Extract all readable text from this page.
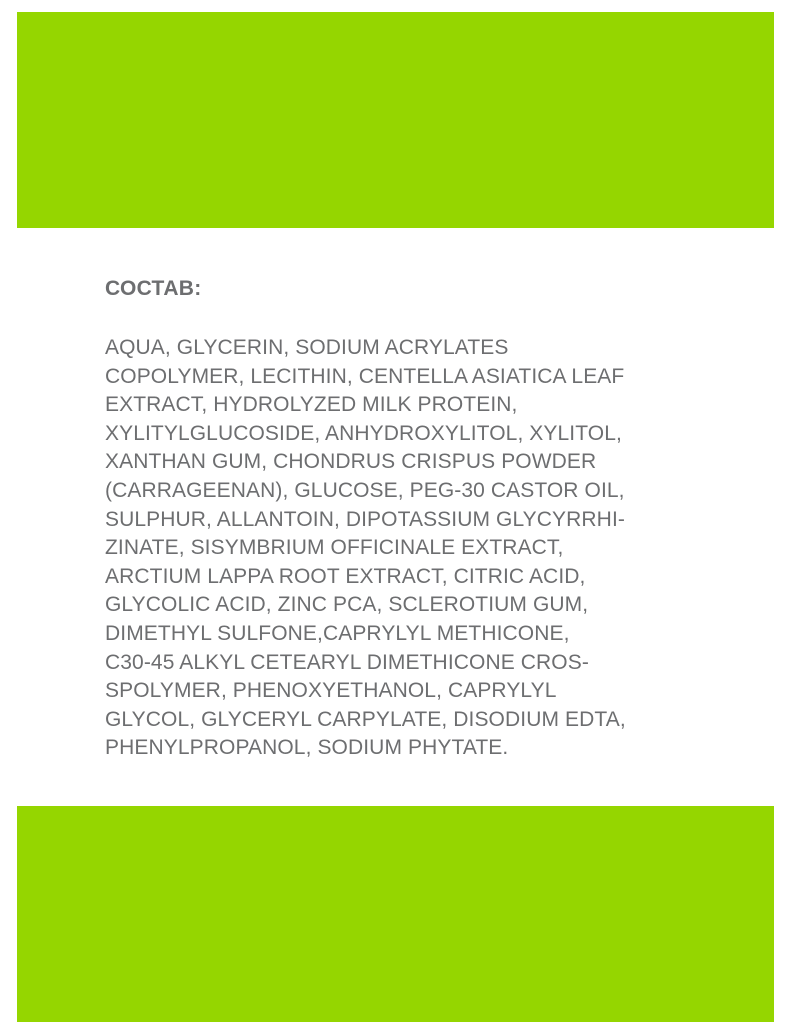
СОСТАВ:
AQUA, GLYCERIN, SODIUM ACRYLATES
COPOLYMER, LECITHIN, CENTELLA ASIATICA LEAF
EXTRACT, HYDROLYZED MILK PROTEIN,
XYLITYLGLUCOSIDE, ANHYDROXYLITOL, XYLITOL,
XANTHAN GUM, CHONDRUS CRISPUS POWDER
(CARRAGEENAN), GLUCOSE, PEG-30 CASTOR OIL,
SULPHUR, ALLANTOIN, DIPOTASSIUM GLYCYRRHI-
ZINATE, SISYMBRIUM OFFICINALE EXTRACT,
ARCTIUM LAPPA ROOT EXTRACT, CITRIC ACID,
GLYCOLIC ACID, ZINC PCA, SCLEROTIUM GUM,
DIMETHYL SULFONE,CAPRYLYL METHICONE,
C30-45 ALKYL CETEARYL DIMETHICONE CROS-
SPOLYMER, PHENOXYETHANOL, CAPRYLYL
GLYCOL, GLYCERYL CARPYLATE, DISODIUM EDTA,
PHENYLPROPANOL, SODIUM PHYTATE.
